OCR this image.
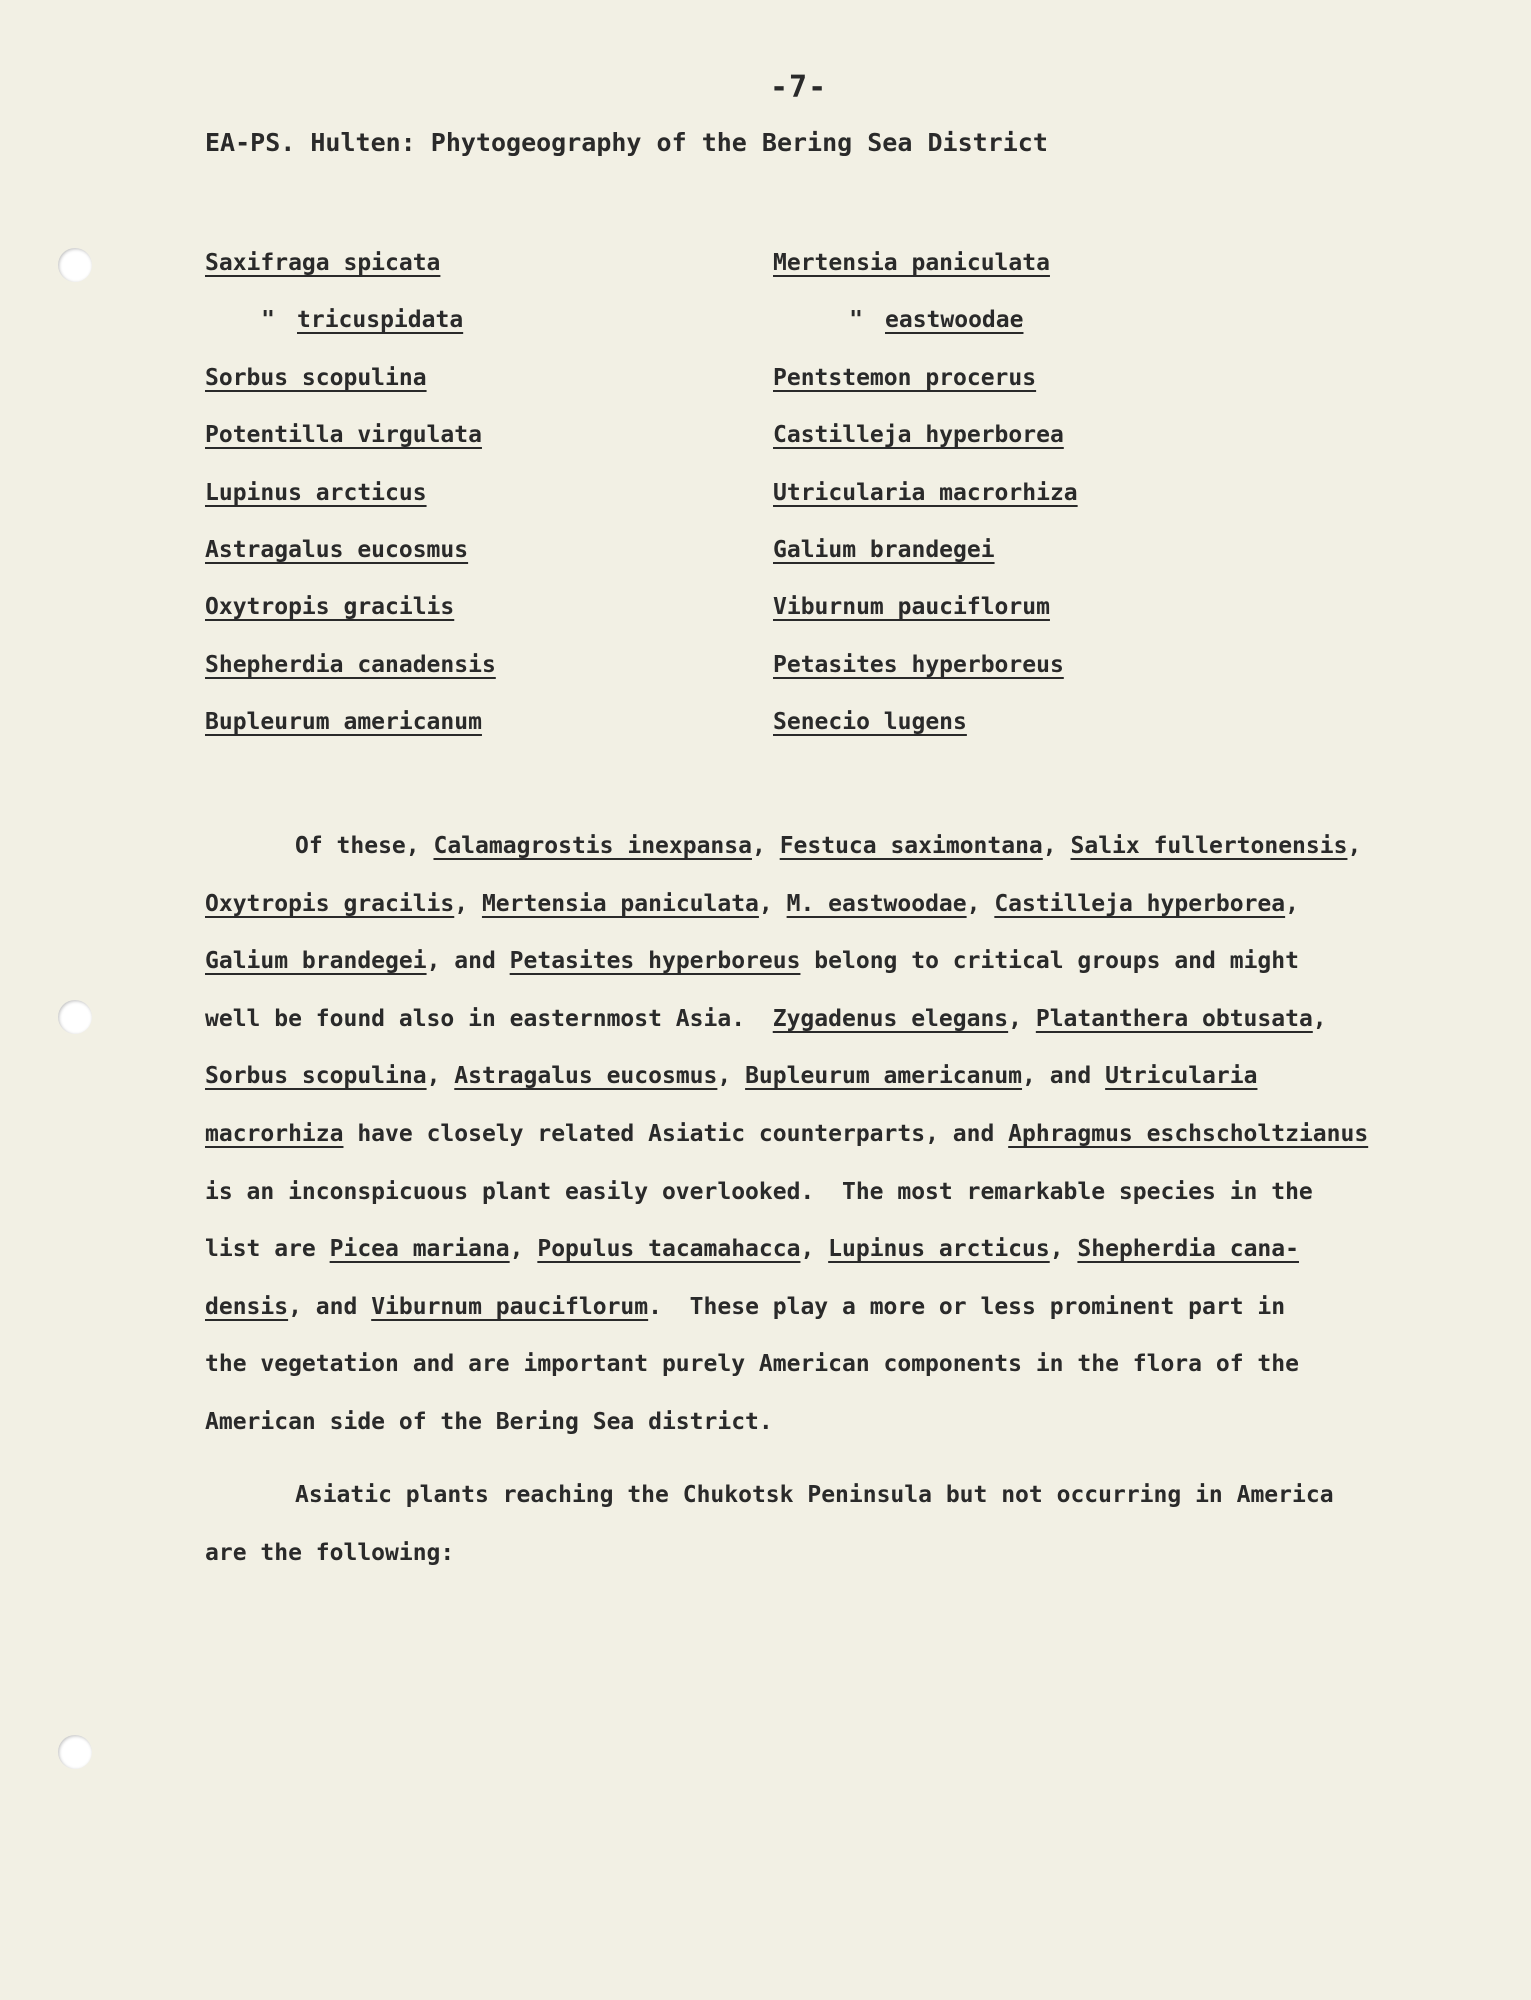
-7-
EA-PS. Hulten: Phytogeography of the Bering Sea District
Saxifraga spicata
" tricuspidata
Sorbus scopulina
Potentilla virgulata
Lupinus arcticus
Astragalus eucosmus
Oxytropis gracilis
Shepherdia canadensis
Bupleurum americanum
Mertensia paniculata
" eastwoodae
Pentstemon procerus
Castilleja hyperborea
Utricularia macrorhiza
Galium brandegei
Viburnum pauciflorum
Petasites hyperboreus
Senecio lugens
Of these, Calamagrostis inexpansa, Festuca saximontana, Salix fullertonensis,
Oxytropis gracilis, Mertensia paniculata, M. eastwoodae, Castilleja hyperborea,
Galium brandegei, and Petasites hyperboreus belong to critical groups and might
well be found also in easternmost Asia.  Zygadenus elegans, Platanthera obtusata,
Sorbus scopulina, Astragalus eucosmus, Bupleurum americanum, and Utricularia
macrorhiza have closely related Asiatic counterparts, and Aphragmus eschscholtzianus
is an inconspicuous plant easily overlooked.  The most remarkable species in the
list are Picea mariana, Populus tacamahacca, Lupinus arcticus, Shepherdia cana-
densis, and Viburnum pauciflorum.  These play a more or less prominent part in
the vegetation and are important purely American components in the flora of the
American side of the Bering Sea district.
Asiatic plants reaching the Chukotsk Peninsula but not occurring in America
are the following:
